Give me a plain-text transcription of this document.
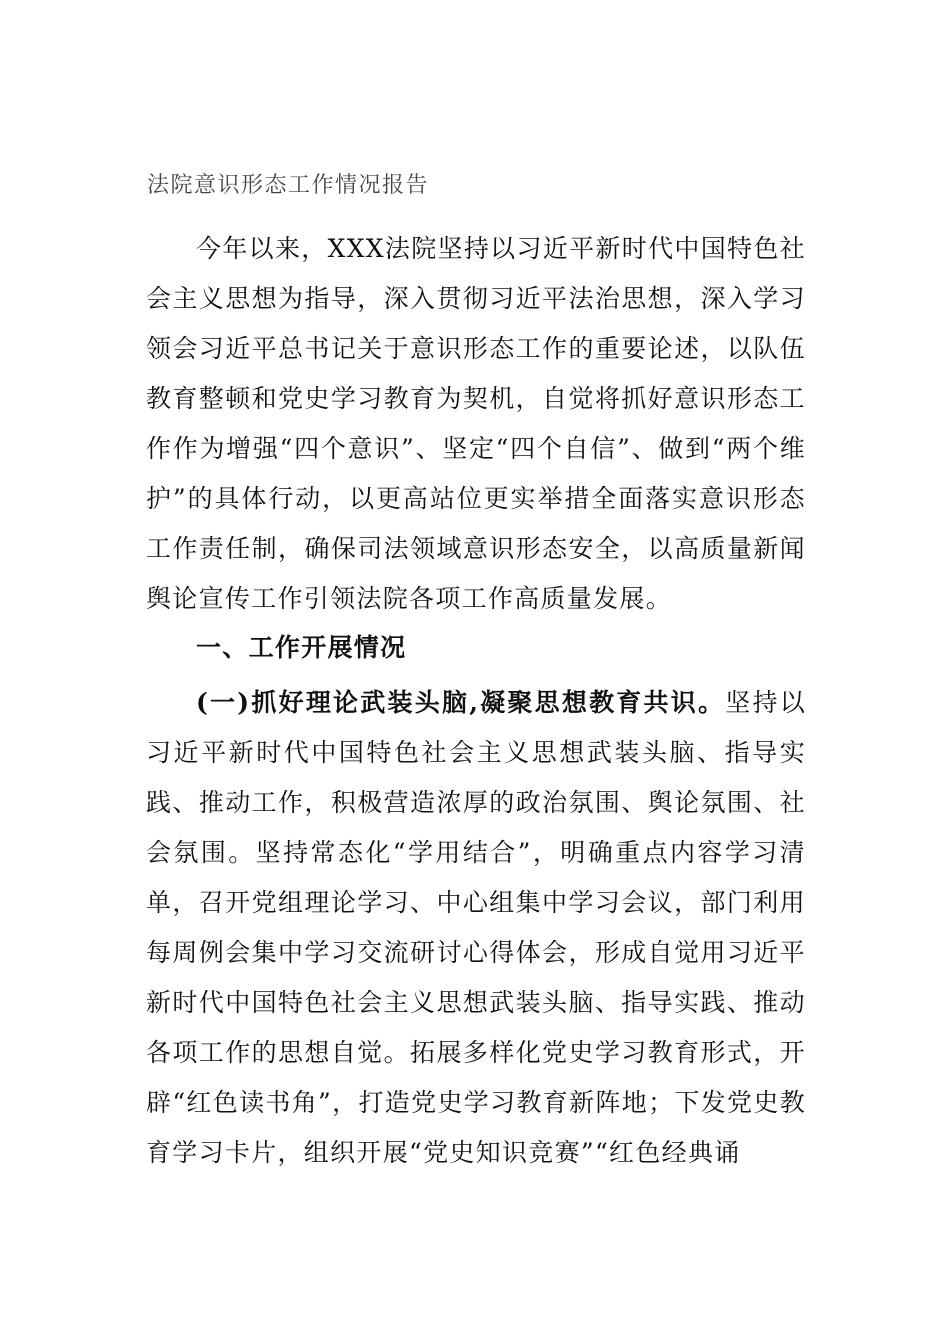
法院意识形态工作情况报告

今年以来，XXX法院坚持以习近平新时代中国特色社会主义思想为指导，深入贯彻习近平法治思想，深入学习领会习近平总书记关于意识形态工作的重要论述，以队伍教育整顿和党史学习教育为契机，自觉将抓好意识形态工作作为增强“四个意识”、坚定“四个自信”、做到“两个维护”的具体行动，以更高站位更实举措全面落实意识形态工作责任制，确保司法领域意识形态安全，以高质量新闻舆论宣传工作引领法院各项工作高质量发展。

一、工作开展情况

(一)抓好理论武装头脑,凝聚思想教育共识。坚持以习近平新时代中国特色社会主义思想武装头脑、指导实践、推动工作，积极营造浓厚的政治氛围、舆论氛围、社会氛围。坚持常态化“学用结合”，明确重点内容学习清单，召开党组理论学习、中心组集中学习会议，部门利用每周例会集中学习交流研讨心得体会，形成自觉用习近平新时代中国特色社会主义思想武装头脑、指导实践、推动各项工作的思想自觉。拓展多样化党史学习教育形式，开辟“红色读书角”，打造党史学习教育新阵地；下发党史教育学习卡片，组织开展“党史知识竞赛”“红色经典诵
